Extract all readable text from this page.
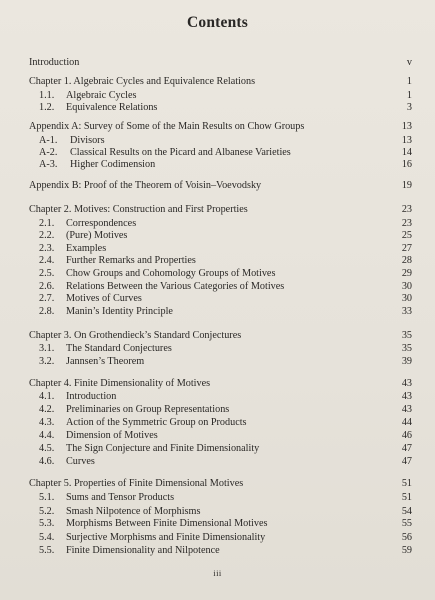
Contents
Introduction	v
Chapter 1. Algebraic Cycles and Equivalence Relations	1
1.1.	Algebraic Cycles	1
1.2.	Equivalence Relations	3
Appendix A: Survey of Some of the Main Results on Chow Groups	13
A-1.	Divisors	13
A-2.	Classical Results on the Picard and Albanese Varieties	14
A-3.	Higher Codimension	16
Appendix B: Proof of the Theorem of Voisin–Voevodsky	19
Chapter 2. Motives: Construction and First Properties	23
2.1.	Correspondences	23
2.2.	(Pure) Motives	25
2.3.	Examples	27
2.4.	Further Remarks and Properties	28
2.5.	Chow Groups and Cohomology Groups of Motives	29
2.6.	Relations Between the Various Categories of Motives	30
2.7.	Motives of Curves	30
2.8.	Manin’s Identity Principle	33
Chapter 3. On Grothendieck’s Standard Conjectures	35
3.1.	The Standard Conjectures	35
3.2.	Jannsen’s Theorem	39
Chapter 4. Finite Dimensionality of Motives	43
4.1.	Introduction	43
4.2.	Preliminaries on Group Representations	43
4.3.	Action of the Symmetric Group on Products	44
4.4.	Dimension of Motives	46
4.5.	The Sign Conjecture and Finite Dimensionality	47
4.6.	Curves	47
Chapter 5. Properties of Finite Dimensional Motives	51
5.1.	Sums and Tensor Products	51
5.2.	Smash Nilpotence of Morphisms	54
5.3.	Morphisms Between Finite Dimensional Motives	55
5.4.	Surjective Morphisms and Finite Dimensionality	56
5.5.	Finite Dimensionality and Nilpotence	59
iii
